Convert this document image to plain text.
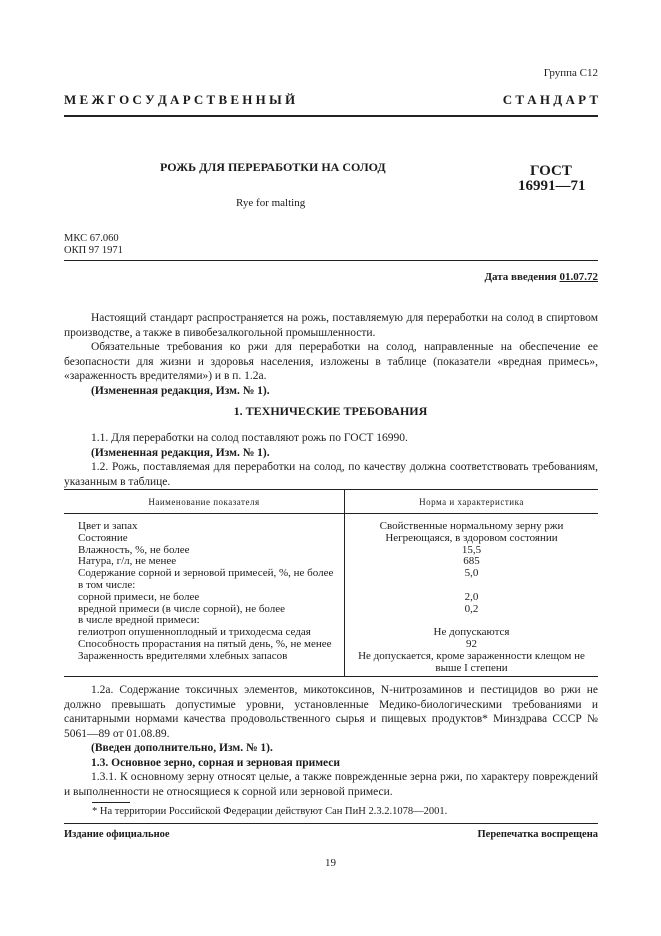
Группа С12
М Е Ж Г О С У Д А Р С Т В Е Н Н Ы Й	С Т А Н Д А Р Т
РОЖЬ ДЛЯ ПЕРЕРАБОТКИ НА СОЛОД	ГОСТ
16991—71
Rye for malting
МКС 67.060
ОКП 97 1971
Дата введения 01.07.72

Настоящий стандарт распространяется на рожь, поставляемую для переработки на солод в спиртовом производстве, а также в пивобезалкогольной промышленности.

Обязательные требования ко ржи для переработки на солод, направленные на обеспечение ее безопасности для жизни и здоровья населения, изложены в таблице (показатели «вредная примесь», «зараженность вредителями») и в п. 1.2а.

(Измененная редакция, Изм. № 1).

1. ТЕХНИЧЕСКИЕ ТРЕБОВАНИЯ

1.1. Для переработки на солод поставляют рожь по ГОСТ 16990.

(Измененная редакция, Изм. № 1).

1.2. Рожь, поставляемая для переработки на солод, по качеству должна соответствовать требованиям, указанным в таблице.

Наименование показателя	Норма и характеристика
Цвет и запах	Свойственные нормальному зерну ржи
Состояние	Негреющаяся, в здоровом состоянии
Влажность, %, не более	15,5
Натура, г/л, не менее	685
Содержание сорной и зерновой примесей, %, не более	5,0
в том числе:	
сорной примеси, не более	2,0
вредной примеси (в числе сорной), не более	0,2
в числе вредной примеси:	
гелиотроп опушенноплодный и триходесма седая	Не допускаются
Способность прорастания на пятый день, %, не менее	92
Зараженность вредителями хлебных запасов	Не допускается, кроме зараженности клещом не выше I степени

1.2а. Содержание токсичных элементов, микотоксинов, N-нитрозаминов и пестицидов во ржи не должно превышать допустимые уровни, установленные Медико-биологическими требованиями и санитарными нормами качества продовольственного сырья и пищевых продуктов* Минздрава СССР № 5061—89 от 01.08.89.

(Введен дополнительно, Изм. № 1).

1.3. Основное зерно, сорная и зерновая примеси

1.3.1. К основному зерну относят целые, а также поврежденные зерна ржи, по характеру повреждений и выполненности не относящиеся к сорной или зерновой примеси.

* На территории Российской Федерации действуют Сан ПиН 2.3.2.1078—2001.
Издание официальное	Перепечатка воспрещена
19
